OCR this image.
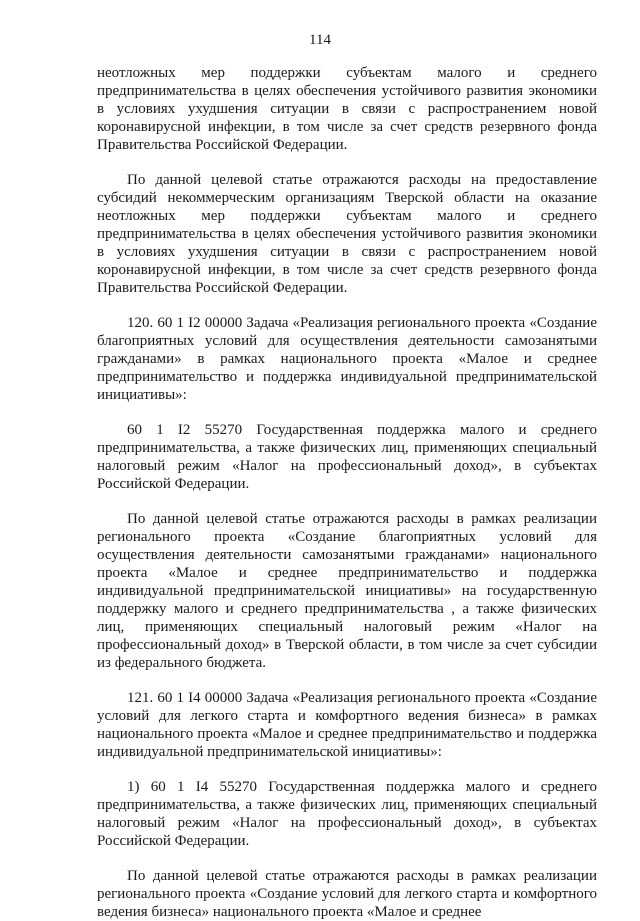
114

неотложных мер поддержки субъектам малого и среднего предпринимательства в целях обеспечения устойчивого развития экономики в условиях ухудшения ситуации в связи с распространением новой коронавирусной инфекции, в том числе за счет средств резервного фонда Правительства Российской Федерации.

По данной целевой статье отражаются расходы на предоставление субсидий некоммерческим организациям Тверской области на оказание неотложных мер поддержки субъектам малого и среднего предпринимательства в целях обеспечения устойчивого развития экономики в условиях ухудшения ситуации в связи с распространением новой коронавирусной инфекции, в том числе за счет средств резервного фонда Правительства Российской Федерации.

120. 60 1 I2 00000 Задача «Реализация регионального проекта «Создание благоприятных условий для осуществления деятельности самозанятыми гражданами» в рамках национального проекта «Малое и среднее предпринимательство и поддержка индивидуальной предпринимательской инициативы»:

60 1 I2 55270 Государственная поддержка малого и среднего предпринимательства, а также физических лиц, применяющих специальный налоговый режим «Налог на профессиональный доход», в субъектах Российской Федерации.

По данной целевой статье отражаются расходы в рамках реализации регионального проекта «Создание благоприятных условий для осуществления деятельности самозанятыми гражданами» национального проекта «Малое и среднее предпринимательство и поддержка индивидуальной предпринимательской инициативы» на государственную поддержку малого и среднего предпринимательства , а также физических лиц, применяющих специальный налоговый режим «Налог на профессиональный доход» в Тверской области, в том числе за счет субсидии из федерального бюджета.

121. 60 1 I4 00000 Задача «Реализация регионального проекта «Создание условий для легкого старта и комфортного ведения бизнеса» в рамках национального проекта «Малое и среднее предпринимательство и поддержка индивидуальной предпринимательской инициативы»:

1) 60 1 I4 55270 Государственная поддержка малого и среднего предпринимательства, а также физических лиц, применяющих специальный налоговый режим «Налог на профессиональный доход», в субъектах Российской Федерации.

По данной целевой статье отражаются расходы в рамках реализации регионального проекта «Создание условий для легкого старта и комфортного ведения бизнеса» национального проекта «Малое и среднее
